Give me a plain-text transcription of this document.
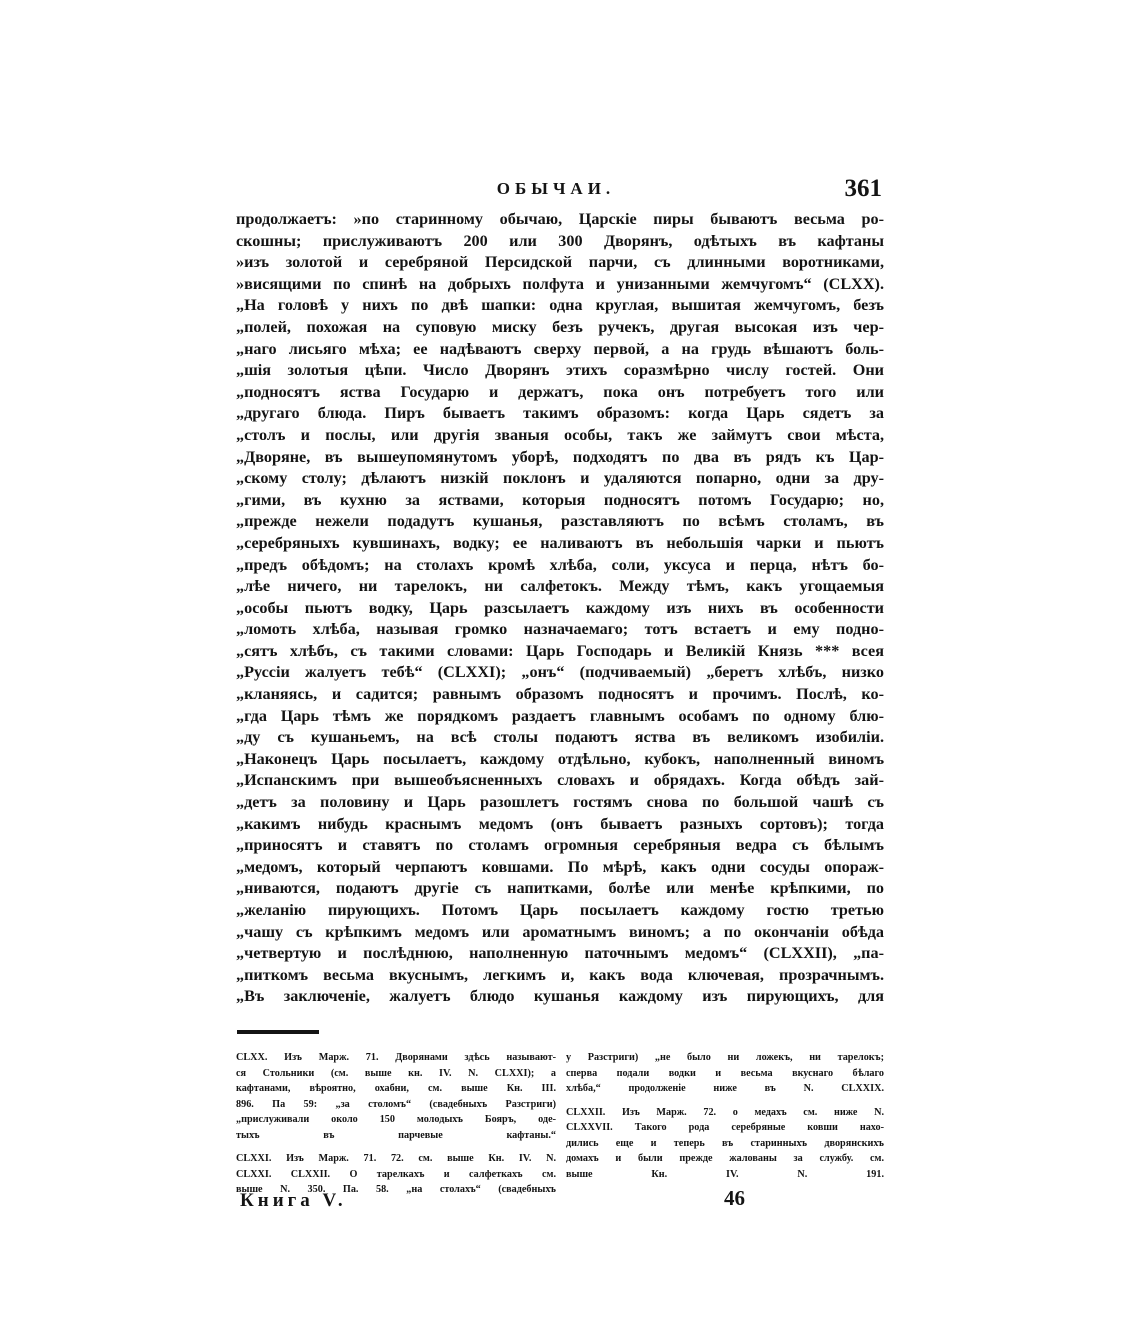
ОБЫЧАИ.	361
продолжаетъ: »по старинному обычаю, Царскіе пиры бываютъ весьма ро-
скошны; прислуживаютъ 200 или 300 Дворянъ, одѣтыхъ въ кафтаны
»изъ золотой и серебряной Персидской парчи, съ длинными воротниками,
»висящими по спинѣ на добрыхъ полфута и унизанными жемчугомъ“ (CLXX).
„На головѣ у нихъ по двѣ шапки: одна круглая, вышитая жемчугомъ, безъ
„полей, похожая на суповую миску безъ ручекъ, другая высокая изъ чер-
„наго лисьяго мѣха; ее надѣваютъ сверху первой, а на грудь вѣшаютъ боль-
„шія золотыя цѣпи. Число Дворянъ этихъ соразмѣрно числу гостей. Они
„подносятъ яства Государю и держатъ, пока онъ потребуетъ того или
„другаго блюда. Пиръ бываетъ такимъ образомъ: когда Царь сядетъ за
„столъ и послы, или другія званыя особы, такъ же займутъ свои мѣста,
„Дворяне, въ вышеупомянутомъ уборѣ, подходятъ по два въ рядъ къ Цар-
„скому столу; дѣлаютъ низкій поклонъ и удаляются попарно, одни за дру-
„гими, въ кухню за яствами, которыя подносятъ потомъ Государю; но,
„прежде нежели подадутъ кушанья, разставляютъ по всѣмъ столамъ, въ
„серебряныхъ кувшинахъ, водку; ее наливаютъ въ небольшія чарки и пьютъ
„предъ обѣдомъ; на столахъ кромѣ хлѣба, соли, уксуса и перца, нѣтъ бо-
„лѣе ничего, ни тарелокъ, ни салфетокъ. Между тѣмъ, какъ угощаемыя
„особы пьютъ водку, Царь разсылаетъ каждому изъ нихъ въ особенности
„ломоть хлѣба, называя громко назначаемаго; тотъ встаетъ и ему подно-
„сятъ хлѣбъ, съ такими словами: Царь Господарь и Великій Князь *** всея
„Руссіи жалуетъ тебѣ“ (CLXXI); „онъ“ (подчиваемый) „беретъ хлѣбъ, низко
„кланяясь, и садится; равнымъ образомъ подносятъ и прочимъ. Послѣ, ко-
„гда Царь тѣмъ же порядкомъ раздаетъ главнымъ особамъ по одному блю-
„ду съ кушаньемъ, на всѣ столы подаютъ яства въ великомъ изобиліи.
„Наконецъ Царь посылаетъ, каждому отдѣльно, кубокъ, наполненный виномъ
„Испанскимъ при вышеобъясненныхъ словахъ и обрядахъ. Когда обѣдъ зай-
„детъ за половину и Царь разошлетъ гостямъ снова по большой чашѣ съ
„какимъ нибудь краснымъ медомъ (онъ бываетъ разныхъ сортовъ); тогда
„приносятъ и ставятъ по столамъ огромныя серебряныя ведра съ бѣлымъ
„медомъ, который черпаютъ ковшами. По мѣрѣ, какъ одни сосуды опораж-
„ниваются, подаютъ другіе съ напитками, болѣе или менѣе крѣпкими, по
„желанію пирующихъ. Потомъ Царь посылаетъ каждому гостю третью
„чашу съ крѣпкимъ медомъ или ароматнымъ виномъ; а по окончаніи обѣда
„четвертую и послѣднюю, наполненную паточнымъ медомъ“ (CLXXII), „па-
„питкомъ весьма вкуснымъ, легкимъ и, какъ вода ключевая, прозрачнымъ.
„Въ заключеніе, жалуетъ блюдо кушанья каждому изъ пирующихъ, для
CLXX. Изъ Марж. 71. Дворянами здѣсь называют-
ся Стольники (см. выше кн. IV. N. CLXXI); а
кафтанами, вѣроятно, охабни, см. выше Кн. III.
896. Па 59: „за столомъ“ (свадебныхъ Разстриги)
„прислуживали около 150 молодыхъ Бояръ, оде-
тыхъ въ парчевые кафтаны.“
CLXXI. Изъ Марж. 71. 72. см. выше Кн. IV. N.
CLXXI. CLXXII. О тарелкахъ и салфеткахъ см.
выше N. 350. Па. 58. „на столахъ“ (свадебныхъ
у Разстриги) „не было ни ложекъ, ни тарелокъ;
сперва подали водки и весьма вкуснаго бѣлаго
хлѣба,“ продолженіе ниже въ N. CLXXIX.
CLXXII. Изъ Марж. 72. о медахъ см. ниже N.
CLXXVII. Такого рода серебряные ковши нахо-
дились еще и теперь въ старинныхъ дворянскихъ
домахъ и были прежде жалованы за службу. см.
выше Кн. IV. N. 191.
Книга V.	46
